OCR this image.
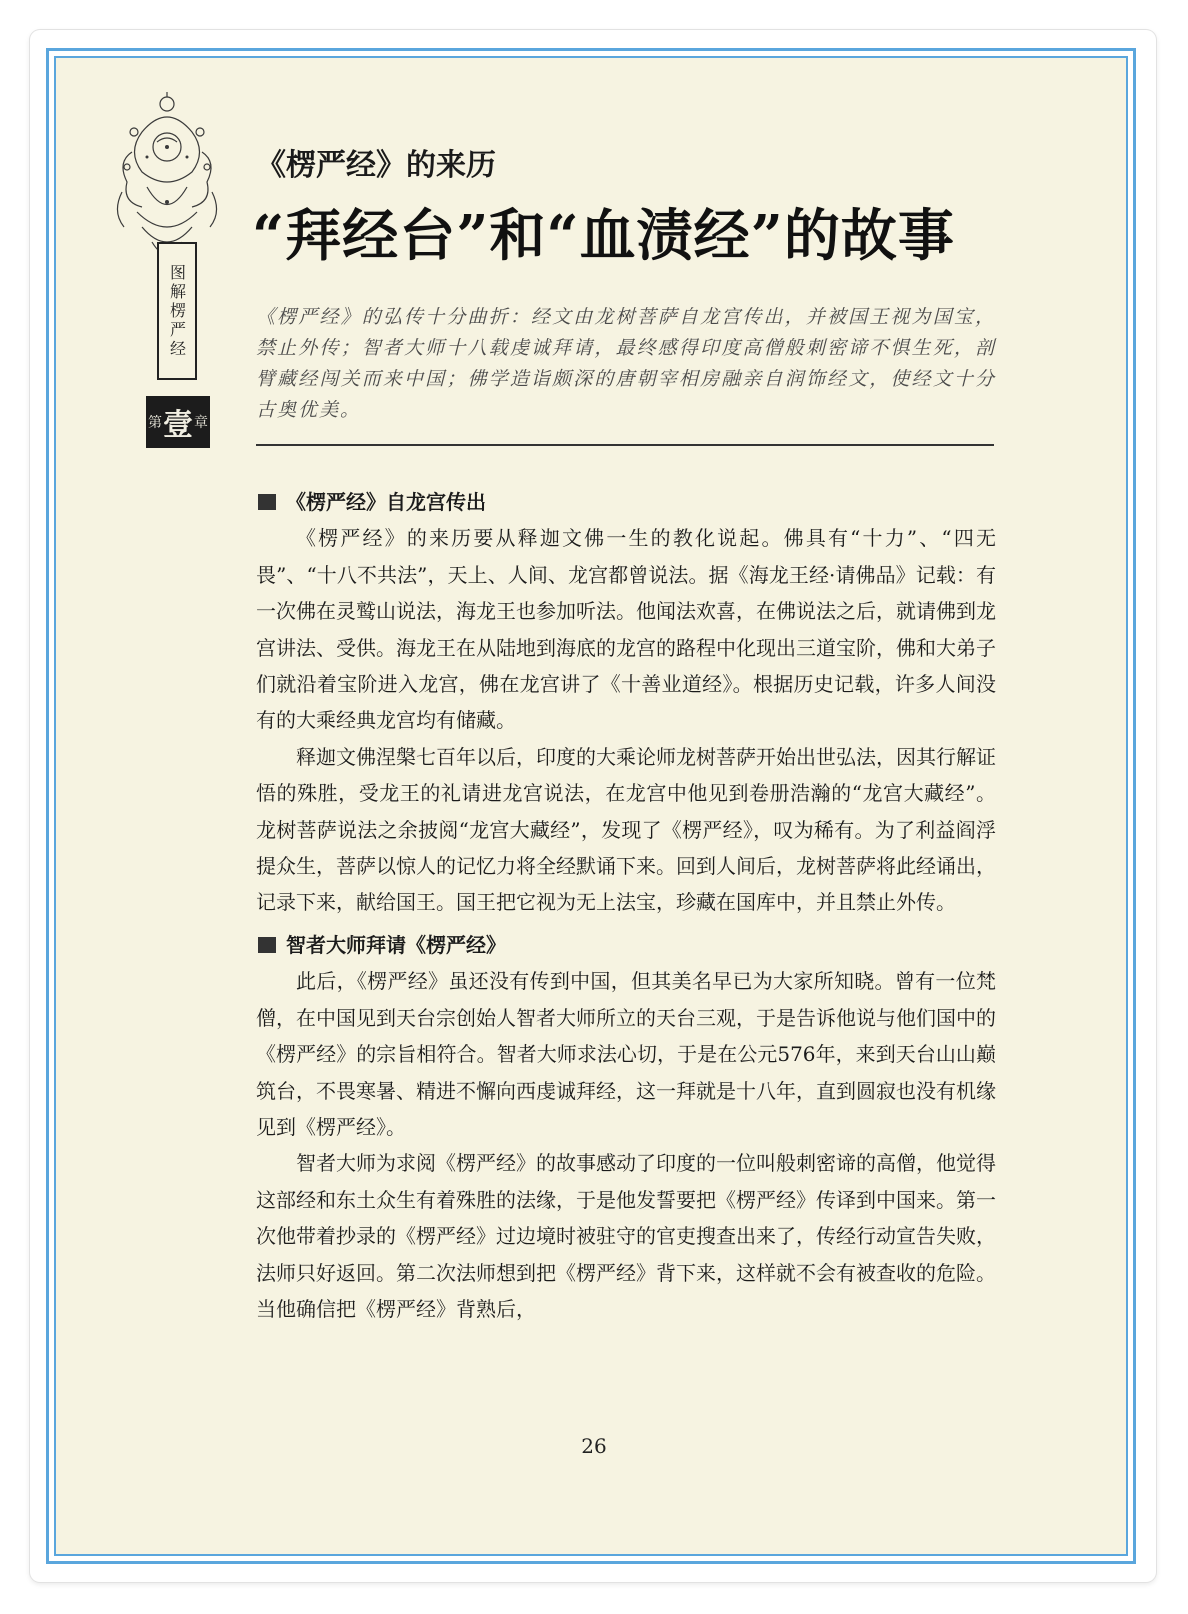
图解楞严经
第 壹 章
《楞严经》的来历
“拜经台”和“血渍经”的故事
《楞严经》的弘传十分曲折：经文由龙树菩萨自龙宫传出，并被国王视为国宝，禁止外传；智者大师十八载虔诚拜请，最终感得印度高僧般刺密谛不惧生死，剖臂藏经闯关而来中国；佛学造诣颇深的唐朝宰相房融亲自润饰经文，使经文十分古奥优美。
《楞严经》自龙宫传出

《楞严经》的来历要从释迦文佛一生的教化说起。佛具有“十力”、“四无畏”、“十八不共法”，天上、人间、龙宫都曾说法。据《海龙王经·请佛品》记载：有一次佛在灵鹫山说法，海龙王也参加听法。他闻法欢喜，在佛说法之后，就请佛到龙宫讲法、受供。海龙王在从陆地到海底的龙宫的路程中化现出三道宝阶，佛和大弟子们就沿着宝阶进入龙宫，佛在龙宫讲了《十善业道经》。根据历史记载，许多人间没有的大乘经典龙宫均有储藏。

释迦文佛涅槃七百年以后，印度的大乘论师龙树菩萨开始出世弘法，因其行解证悟的殊胜，受龙王的礼请进龙宫说法，在龙宫中他见到卷册浩瀚的“龙宫大藏经”。龙树菩萨说法之余披阅“龙宫大藏经”，发现了《楞严经》，叹为稀有。为了利益阎浮提众生，菩萨以惊人的记忆力将全经默诵下来。回到人间后，龙树菩萨将此经诵出，记录下来，献给国王。国王把它视为无上法宝，珍藏在国库中，并且禁止外传。

智者大师拜请《楞严经》

此后，《楞严经》虽还没有传到中国，但其美名早已为大家所知晓。曾有一位梵僧，在中国见到天台宗创始人智者大师所立的天台三观，于是告诉他说与他们国中的《楞严经》的宗旨相符合。智者大师求法心切，于是在公元576年，来到天台山山巅筑台，不畏寒暑、精进不懈向西虔诚拜经，这一拜就是十八年，直到圆寂也没有机缘见到《楞严经》。

智者大师为求阅《楞严经》的故事感动了印度的一位叫般刺密谛的高僧，他觉得这部经和东土众生有着殊胜的法缘，于是他发誓要把《楞严经》传译到中国来。第一次他带着抄录的《楞严经》过边境时被驻守的官吏搜查出来了，传经行动宣告失败，法师只好返回。第二次法师想到把《楞严经》背下来，这样就不会有被查收的危险。当他确信把《楞严经》背熟后，

26
